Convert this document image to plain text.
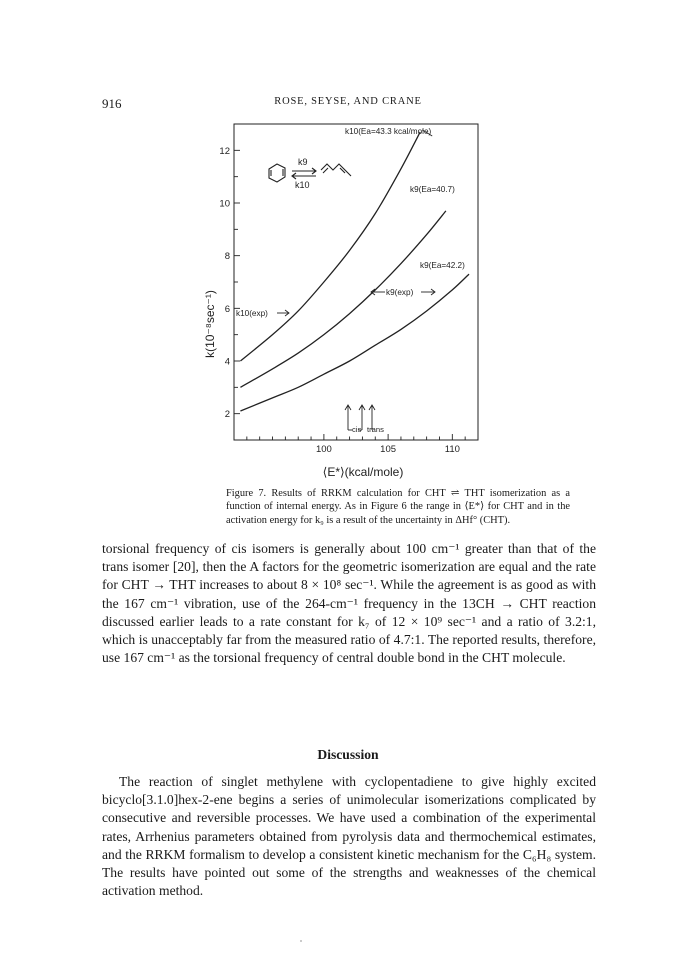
916	ROSE, SEYSE, AND CRANE
2
4
6
8
10
12
100	105	110
k(10⁻⁸sec⁻¹)
⟨E*⟩(kcal/mole)
k9
k10
k10(Ea=43.3 kcal/mole)
k9(Ea=40.7)
k9(Ea=42.2)
k9(exp)
k10(exp)
cis trans
Figure 7. Results of RRKM calculation for CHT ⇌ THT isomerization as a function of internal energy. As in Figure 6 the range in ⟨E*⟩ for CHT and in the activation energy for k₉ is a result of the uncertainty in ΔHf° (CHT).
torsional frequency of cis isomers is generally about 100 cm⁻¹ greater than that of the trans isomer [20], then the A factors for the geometric isomerization are equal and the rate for CHT → THT increases to about 8 × 10⁸ sec⁻¹. While the agreement is as good as with the 167 cm⁻¹ vibration, use of the 264-cm⁻¹ frequency in the 13CH → CHT reaction discussed earlier leads to a rate constant for k₇ of 12 × 10⁹ sec⁻¹ and a ratio of 3.2:1, which is unacceptably far from the measured ratio of 4.7:1. The reported results, therefore, use 167 cm⁻¹ as the torsional frequency of central double bond in the CHT molecule.
Discussion
The reaction of singlet methylene with cyclopentadiene to give highly excited bicyclo[3.1.0]hex-2-ene begins a series of unimolecular isomerizations complicated by consecutive and reversible processes. We have used a combination of the experimental rates, Arrhenius parameters obtained from pyrolysis data and thermochemical estimates, and the RRKM formalism to develop a consistent kinetic mechanism for the C₆H₈ system. The results have pointed out some of the strengths and weaknesses of the chemical activation method.
